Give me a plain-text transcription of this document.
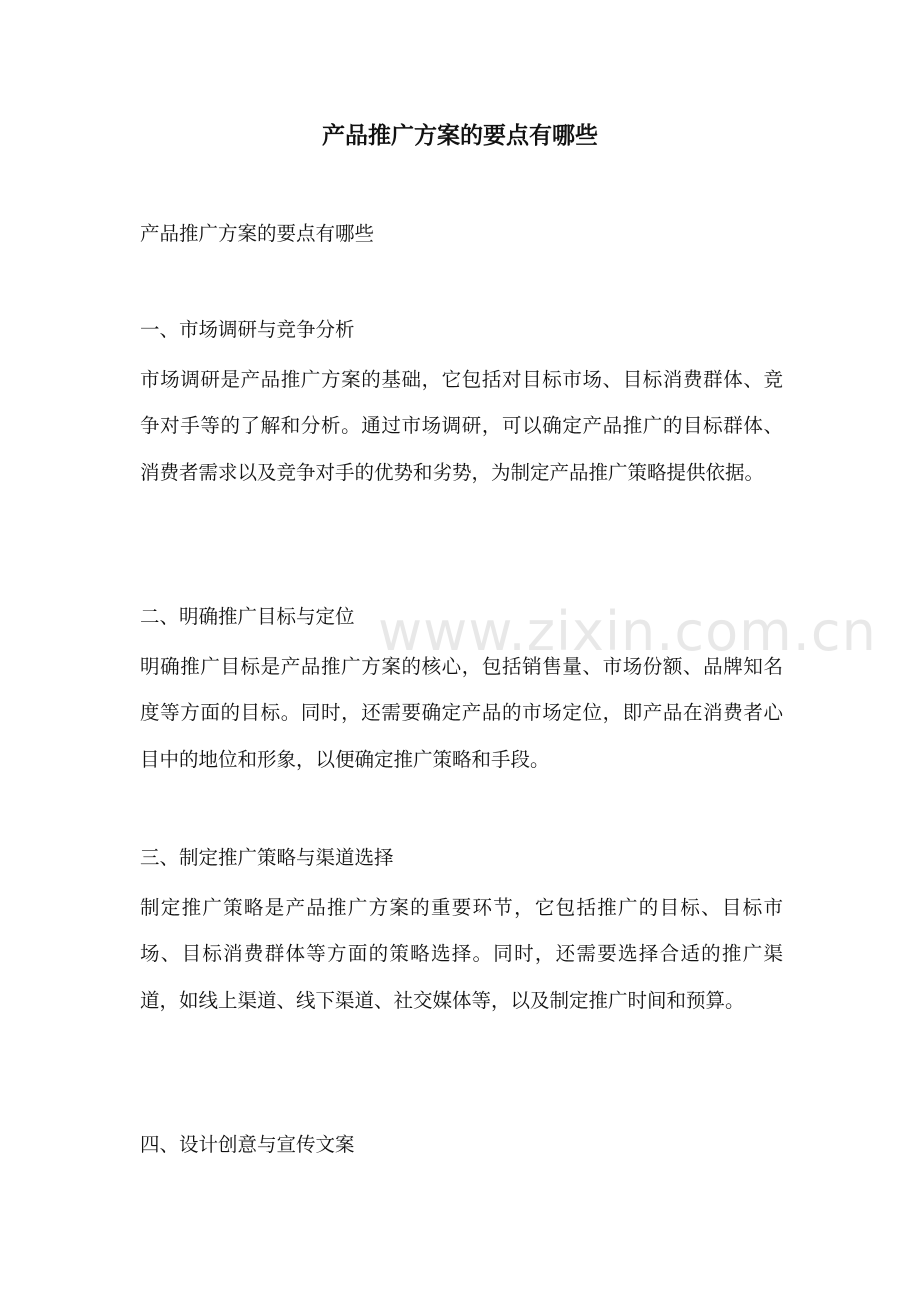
产品推广方案的要点有哪些
产品推广方案的要点有哪些
一、市场调研与竞争分析
市场调研是产品推广方案的基础，它包括对目标市场、目标消费群体、竞争对手等的了解和分析。通过市场调研，可以确定产品推广的目标群体、消费者需求以及竞争对手的优势和劣势，为制定产品推广策略提供依据。
二、明确推广目标与定位
明确推广目标是产品推广方案的核心，包括销售量、市场份额、品牌知名度等方面的目标。同时，还需要确定产品的市场定位，即产品在消费者心目中的地位和形象，以便确定推广策略和手段。
三、制定推广策略与渠道选择
制定推广策略是产品推广方案的重要环节，它包括推广的目标、目标市场、目标消费群体等方面的策略选择。同时，还需要选择合适的推广渠道，如线上渠道、线下渠道、社交媒体等，以及制定推广时间和预算。
四、设计创意与宣传文案
www.zixin.com.cn
